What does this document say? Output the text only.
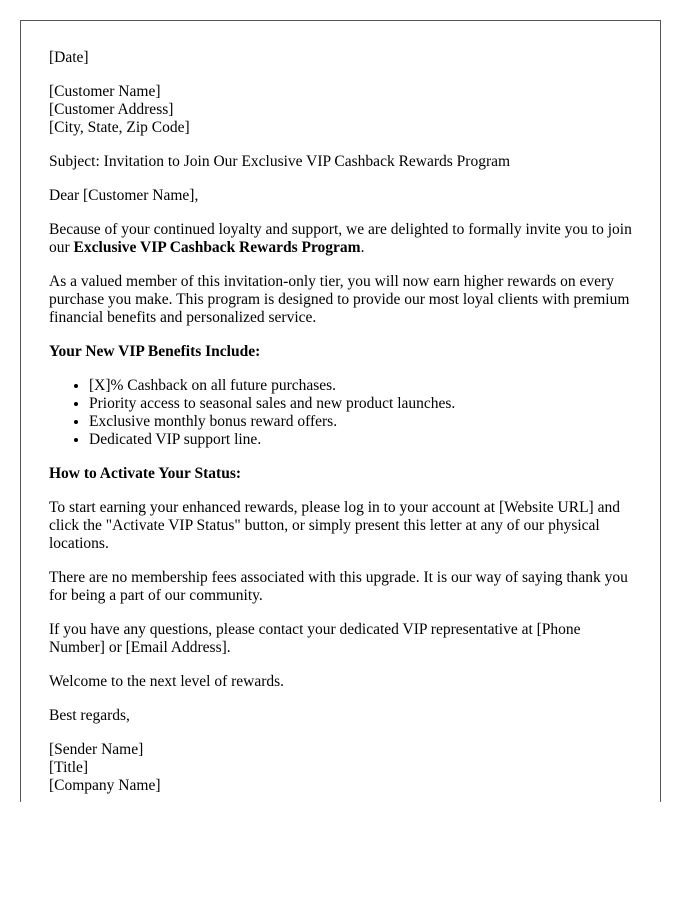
[Date]
[Customer Name]
[Customer Address]
[City, State, Zip Code]
Subject: Invitation to Join Our Exclusive VIP Cashback Rewards Program
Dear [Customer Name],
Because of your continued loyalty and support, we are delighted to formally invite you to join our Exclusive VIP Cashback Rewards Program.
As a valued member of this invitation-only tier, you will now earn higher rewards on every purchase you make. This program is designed to provide our most loyal clients with premium financial benefits and personalized service.
Your New VIP Benefits Include:
• [X]% Cashback on all future purchases.
• Priority access to seasonal sales and new product launches.
• Exclusive monthly bonus reward offers.
• Dedicated VIP support line.
How to Activate Your Status:
To start earning your enhanced rewards, please log in to your account at [Website URL] and click the "Activate VIP Status" button, or simply present this letter at any of our physical locations.
There are no membership fees associated with this upgrade. It is our way of saying thank you for being a part of our community.
If you have any questions, please contact your dedicated VIP representative at [Phone Number] or [Email Address].
Welcome to the next level of rewards.
Best regards,
[Sender Name]
[Title]
[Company Name]
